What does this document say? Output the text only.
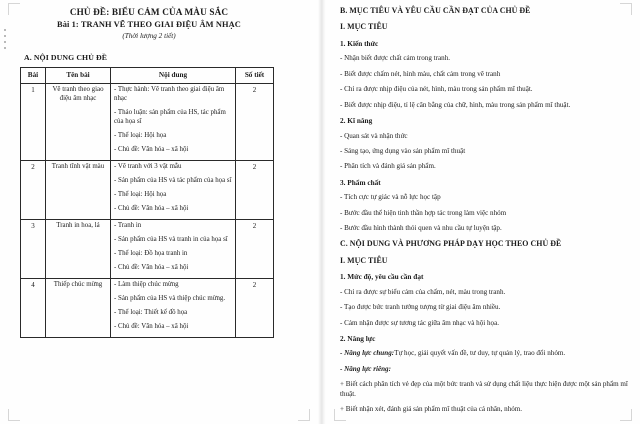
CHỦ ĐỀ: BIỂU CẢM CỦA MÀU SẮC
Bài 1: TRANH VẼ THEO GIAI ĐIỆU ÂM NHẠC
(Thời lượng 2 tiết)
A. NỘI DUNG CHỦ ĐỀ
Bài	Tên bài	Nội dung	Số tiết
1	Vẽ tranh theo giao điệu âm nhạc	- Thực hành: Vẽ tranh theo giai điệu âm nhạc

- Thảo luận: sản phẩm của HS, tác phẩm của họa sĩ

- Thể loại: Hội họa

- Chủ đề: Văn hóa – xã hội	2
2	Tranh tĩnh vật màu	- Vẽ tranh với 3 vật mẫu

- Sản phẩm của HS và tác phẩm của họa sĩ

- Thể loại: Hội họa

- Chủ đề: Văn hóa – xã hội	2
3	Tranh in hoa, lá	- Tranh in

- Sản phẩm của HS và tranh in của họa sĩ

- Thể loại: Đồ họa tranh in

- Chủ đề: Văn hóa – xã hội	2
4	Thiếp chúc mừng	- Làm thiệp chúc mừng

- Sản phẩm của HS và thiệp chúc mừng.

- Thể loại: Thiết kế đồ họa

- Chủ đề: Văn hóa – xã hội	2
B. MỤC TIÊU VÀ YÊU CẦU CẦN ĐẠT CỦA CHỦ ĐỀ
I. MỤC TIÊU
1. Kiến thức
- Nhận biết được chất cảm trong tranh.
- Biết được chấm nét, hình màu, chất cảm trong vẽ tranh
- Chỉ ra được nhịp điệu của nét, hình, màu trong sản phẩm mĩ thuật.
- Biết được nhịp điệu, tỉ lệ cân bằng của chữ, hình, màu trong sản phẩm mĩ thuật.
2. Kĩ năng
- Quan sát và nhận thức
- Sáng tạo, ứng dụng vào sản phẩm mĩ thuật
- Phân tích và đánh giá sản phẩm.
3. Phẩm chất
- Tích cực tự giác và nỗ lực học tập
- Bước đầu thể hiện tinh thần hợp tác trong làm việc nhóm
- Bước đầu hình thành thói quen và nhu cầu tự luyện tập.
C. NỘI DUNG VÀ PHƯƠNG PHÁP DẠY HỌC THEO CHỦ ĐỀ
I. MỤC TIÊU
1. Mức độ, yêu cầu cần đạt
- Chỉ ra được sự biểu cảm của chấm, nét, màu trong tranh.
- Tạo được bức tranh tưởng tượng từ giai điệu âm nhiều.
- Cảm nhận được sự tương tác giữa âm nhạc và hội họa.
2. Năng lực
- Năng lực chung:Tự học, giải quyết vấn đề, tư duy, tự quản lý, trao đổi nhóm.
- Năng lực riêng:
+ Biết cách phân tích vẻ đẹp của một bức tranh và sử dụng chất liệu thực hiện được một sản phẩm mĩ thuật.
+ Biết nhận xét, đánh giá sản phẩm mĩ thuật của cá nhân, nhóm.
